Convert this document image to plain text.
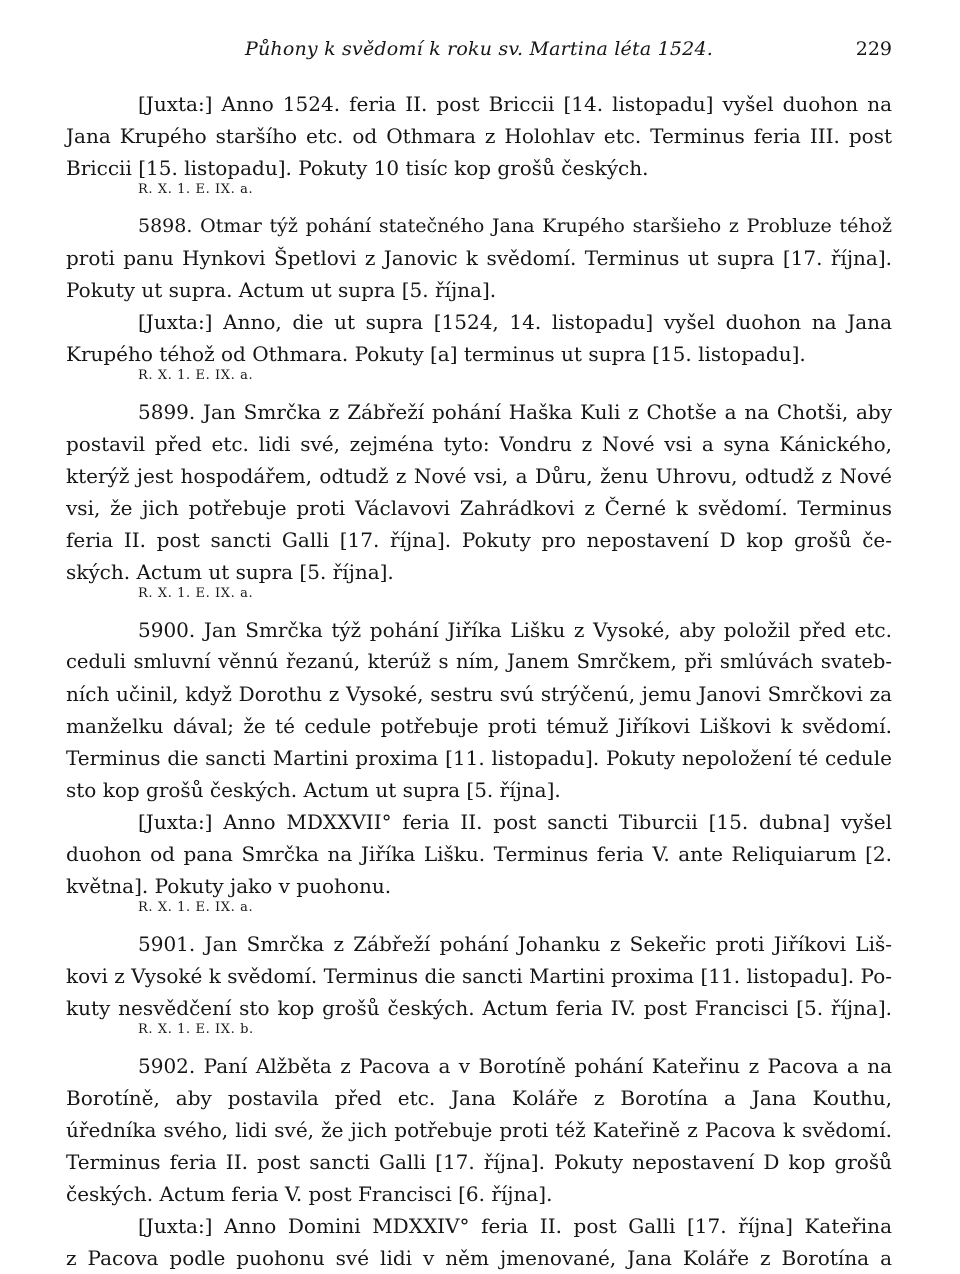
Půhony k svědomí k roku sv. Martina léta 1524.	229
[Juxta:] Anno 1524. feria II. post Briccii [14. listopadu] vyšel duohon na
Jana Krupého staršího etc. od Othmara z Holohlav etc. Terminus feria III. post
Briccii [15. listopadu]. Pokuty 10 tisíc kop grošů českých.
R. X. 1. E. IX. a.
5898. Otmar týž pohání statečného Jana Krupého staršieho z Probluze téhož
proti panu Hynkovi Špetlovi z Janovic k svědomí. Terminus ut supra [17. října].
Pokuty ut supra. Actum ut supra [5. října].
[Juxta:] Anno, die ut supra [1524, 14. listopadu] vyšel duohon na Jana
Krupého téhož od Othmara. Pokuty [a] terminus ut supra [15. listopadu].
R. X. 1. E. IX. a.
5899. Jan Smrčka z Zábřeží pohání Haška Kuli z Chotše a na Chotši, aby
postavil před etc. lidi své, zejména tyto: Vondru z Nové vsi a syna Kánického,
kterýž jest hospodářem, odtudž z Nové vsi, a Důru, ženu Uhrovu, odtudž z Nové
vsi, že jich potřebuje proti Václavovi Zahrádkovi z Černé k svědomí. Terminus
feria II. post sancti Galli [17. října]. Pokuty pro nepostavení D kop grošů če-
ských. Actum ut supra [5. října].
R. X. 1. E. IX. a.
5900. Jan Smrčka týž pohání Jiříka Lišku z Vysoké, aby položil před etc.
ceduli smluvní věnnú řezanú, kterúž s ním, Janem Smrčkem, při smlúvách svateb-
ních učinil, když Dorothu z Vysoké, sestru svú strýčenú, jemu Janovi Smrčkovi za
manželku dával; že té cedule potřebuje proti témuž Jiříkovi Liškovi k svědomí.
Terminus die sancti Martini proxima [11. listopadu]. Pokuty nepoložení té cedule
sto kop grošů českých. Actum ut supra [5. října].
[Juxta:] Anno MDXXVII° feria II. post sancti Tiburcii [15. dubna] vyšel
duohon od pana Smrčka na Jiříka Lišku. Terminus feria V. ante Reliquiarum [2.
května]. Pokuty jako v puohonu.
R. X. 1. E. IX. a.
5901. Jan Smrčka z Zábřeží pohání Johanku z Sekeřic proti Jiříkovi Liš-
kovi z Vysoké k svědomí. Terminus die sancti Martini proxima [11. listopadu]. Po-
kuty nesvědčení sto kop grošů českých. Actum feria IV. post Francisci [5. října].
R. X. 1. E. IX. b.
5902. Paní Alžběta z Pacova a v Borotíně pohání Kateřinu z Pacova a na
Borotíně, aby postavila před etc. Jana Koláře z Borotína a Jana Kouthu,
úředníka svého, lidi své, že jich potřebuje proti též Kateřině z Pacova k svědomí.
Terminus feria II. post sancti Galli [17. října]. Pokuty nepostavení D kop grošů
českých. Actum feria V. post Francisci [6. října].
[Juxta:] Anno Domini MDXXIV° feria II. post Galli [17. října] Kateřina
z Pacova podle puohonu své lidi v něm jmenované, Jana Koláře z Borotína a
